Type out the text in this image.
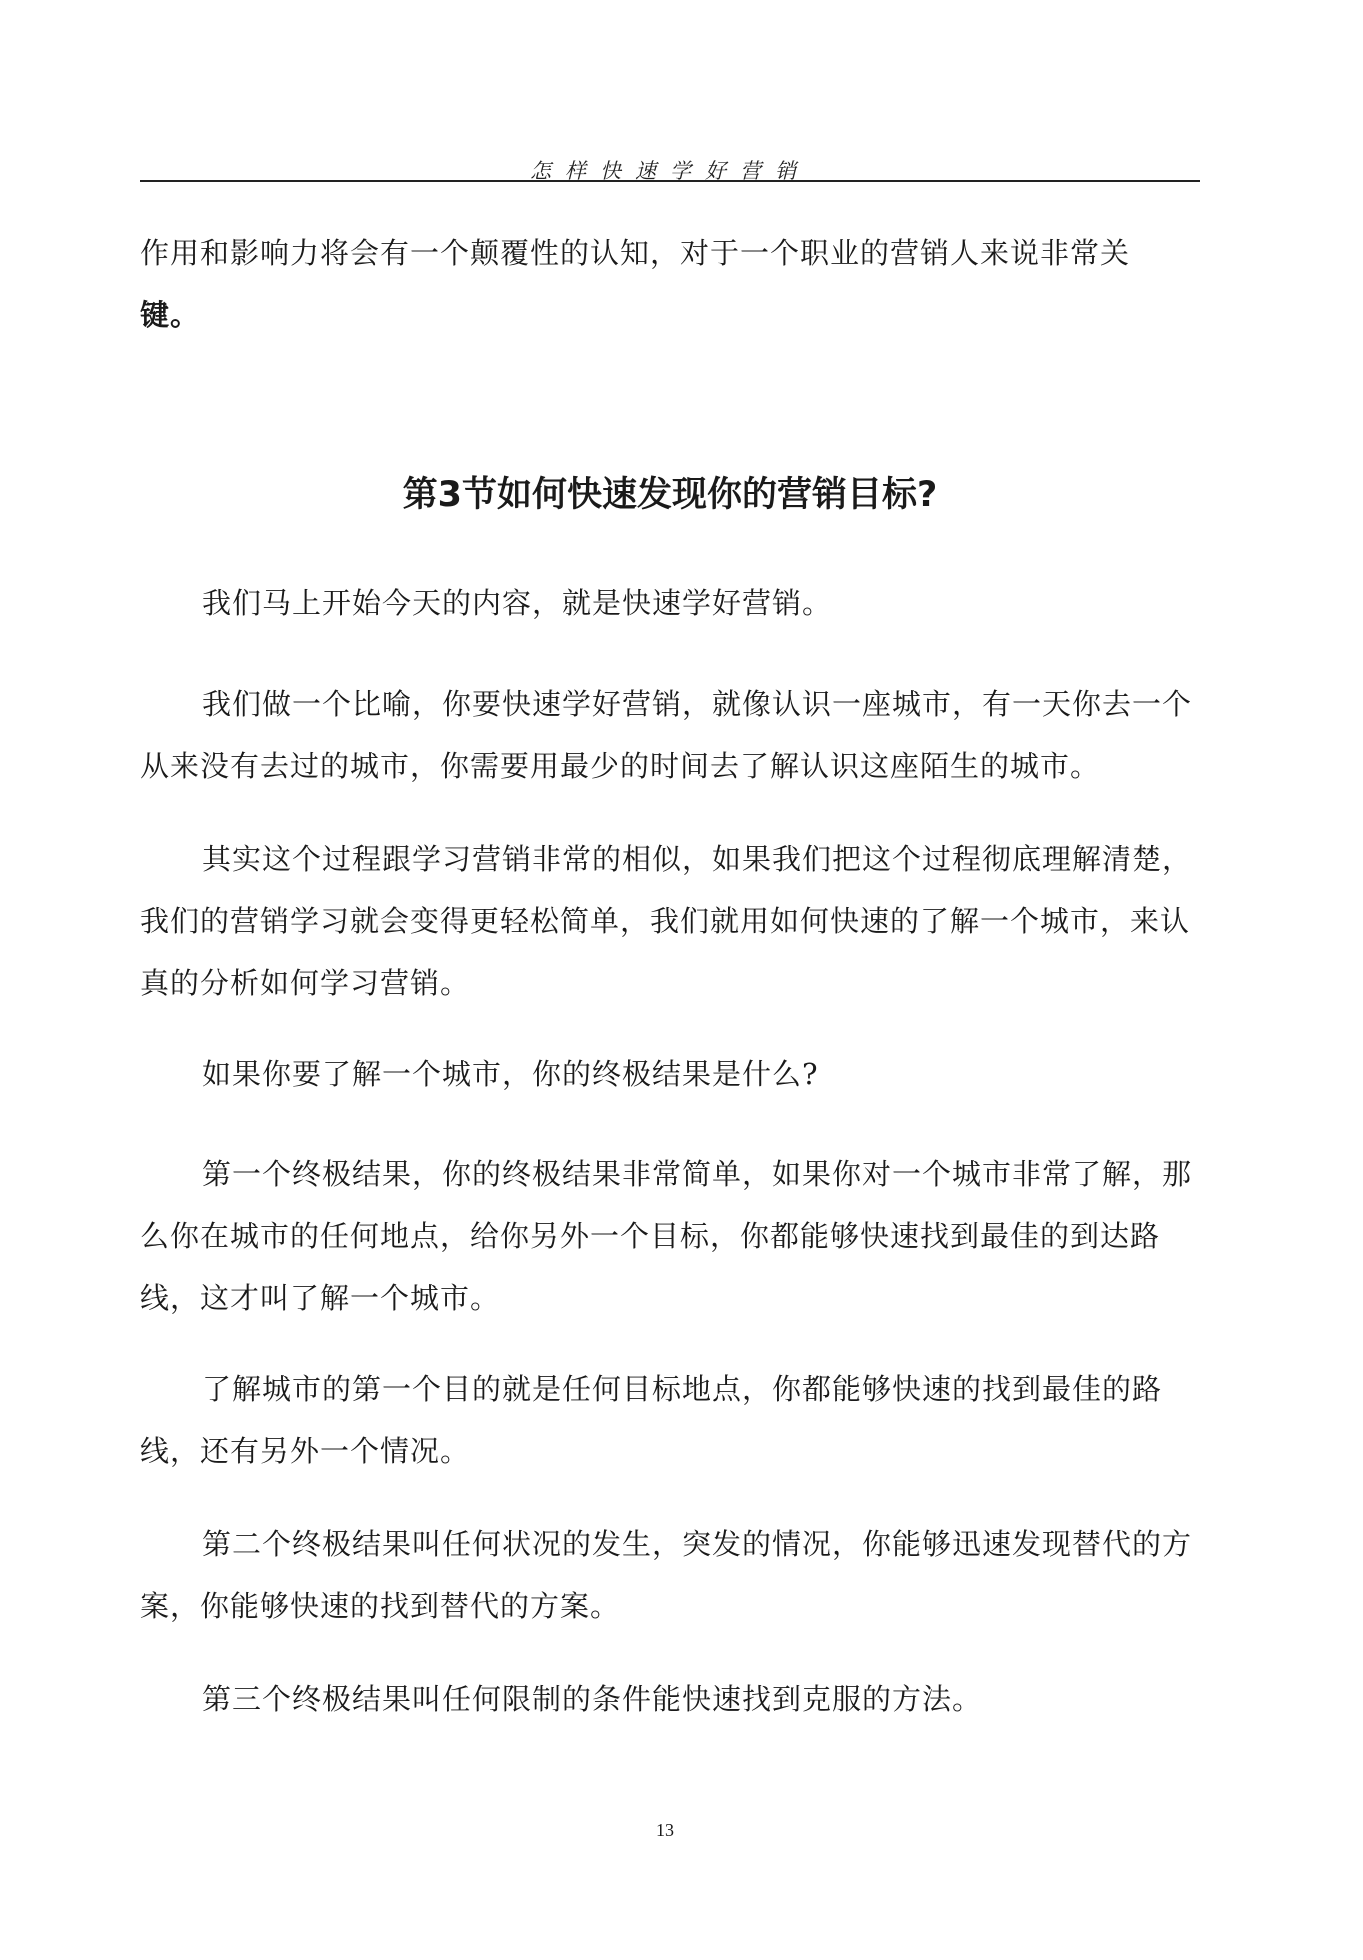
怎样快速学好营销

作用和影响力将会有一个颠覆性的认知，对于一个职业的营销人来说非常关
键。

第3节如何快速发现你的营销目标?

我们马上开始今天的内容，就是快速学好营销。

我们做一个比喻，你要快速学好营销，就像认识一座城市，有一天你去一个从来没有去过的城市，你需要用最少的时间去了解认识这座陌生的城市。

其实这个过程跟学习营销非常的相似，如果我们把这个过程彻底理解清楚，我们的营销学习就会变得更轻松简单，我们就用如何快速的了解一个城市，来认真的分析如何学习营销。

如果你要了解一个城市，你的终极结果是什么?

第一个终极结果，你的终极结果非常简单，如果你对一个城市非常了解，那么你在城市的任何地点，给你另外一个目标，你都能够快速找到最佳的到达路线，这才叫了解一个城市。

了解城市的第一个目的就是任何目标地点，你都能够快速的找到最佳的路线，还有另外一个情况。

第二个终极结果叫任何状况的发生，突发的情况，你能够迅速发现替代的方案，你能够快速的找到替代的方案。

第三个终极结果叫任何限制的条件能快速找到克服的方法。

13
